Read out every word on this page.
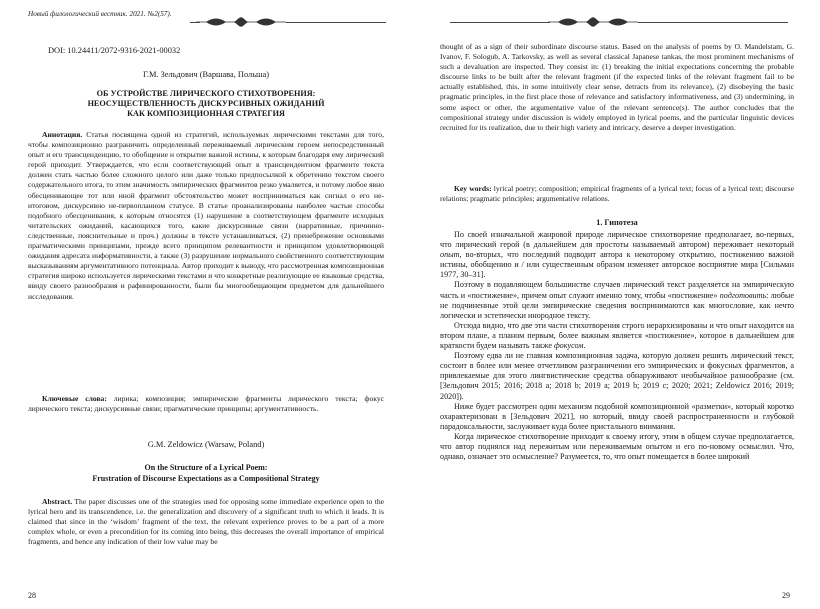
Новый филологический вестник. 2021. №2(57).
DOI: 10.24411/2072-9316-2021-00032
Г.М. Зельдович (Варшава, Польша)
ОБ УСТРОЙСТВЕ ЛИРИЧЕСКОГО СТИХОТВОРЕНИЯ:
НЕОСУЩЕСТВЛЕННОСТЬ ДИСКУРСИВНЫХ ОЖИДАНИЙ
КАК КОМПОЗИЦИОННАЯ СТРАТЕГИЯ
Аннотация. Статья посвящена одной из стратегий, используемых лирическими текстами для того, чтобы композиционно разграничить определенный переживаемый лирическим героем непосредственный опыт и его трансценденцию, то обобщение и открытие важной истины, к которым благодаря ему лирический герой приходит. Утверждается, что если соответствующий опыт в трансцендентном фрагменте текста должен стать частью более сложного целого или даже только предпосылкой к обретению текстом своего содержательного итога, то этим значимость эмпирических фрагментов резко умаляется, и потому любое явно обесценивающее тот или иной фрагмент обстоятельство может восприниматься как сигнал о его не-итоговом, дискурсивно не-первопланном статусе. В статье проанализированы наиболее частые способы подобного обесценивания, к которым относятся (1) нарушение в соответствующем фрагменте исходных читательских ожиданий, касающихся того, какие дискурсивные связи (нарративные, причинно-следственные, пояснительные и проч.) должны в тексте устанавливаться, (2) пренебрежение основными прагматическими принципами, прежде всего принципом релевантности и принципом удовлетворяющей ожидания адресата информативности, а также (3) разрушение нормального свойственного соответствующим высказываниям аргументативного потенциала. Автор приходит к выводу, что рассмотренная композиционная стратегия широко используется лирическими текстами и что конкретные реализующие ее языковые средства, ввиду своего разнообразия и рафинированности, были бы многообещающим предметом для дальнейшего исследования.
Ключевые слова: лирика; композиция; эмпирические фрагменты лирического текста; фокус лирического текста; дискурсивные связи; прагматические принципы; аргументативность.
G.M. Zeldowicz (Warsaw, Poland)
On the Structure of a Lyrical Poem:
Frustration of Discourse Expectations as a Compositional Strategy
Abstract. The paper discusses one of the strategies used for opposing some immediate experience open to the lyrical hero and its transcendence, i.e. the generalization and discovery of a significant truth to which it leads. It is claimed that since in the ‘wisdom’ fragment of the text, the relevant experience proves to be a part of a more complex whole, or even a precondition for its coming into being, this decreases the overall importance of empirical fragments, and hence any indication of their low value may be
28
thought of as a sign of their subordinate discourse status. Based on the analysis of poems by O. Mandelstam, G. Ivanov, F. Sologub, A. Tarkovsky, as well as several classical Japanese tankas, the most prominent mechanisms of such a devaluation are inspected. They consist in: (1) breaking the initial expectations concerning the probable discourse links to be built after the relevant fragment (if the expected links of the relevant fragment fail to be actually established, this, in some intuitively clear sense, detracts from its relevance), (2) disobeying the basic pragmatic principles, in the first place those of relevance and satisfactory informativeness, and (3) undermining, in some aspect or other, the argumentative value of the relevant sentence(s). The author concludes that the compositional strategy under discussion is widely employed in lyrical poems, and the particular linguistic devices recruited for its realization, due to their high variety and intricacy, deserve a deeper investigation.
Key words: lyrical poetry; composition; empirical fragments of a lyrical text; focus of a lyrical text; discourse relations; pragmatic principles; argumentative relations.
1. Гипотеза

По своей изначальной жанровой природе лирическое стихотворение предполагает, во-первых, что лирический герой (в дальнейшем для простоты называемый автором) переживает некоторый опыт, во-вторых, что последний подводит автора к некоторому открытию, постижению важной истины, обобщению и / или существенным образом изменяет авторское восприятие мира [Сильман 1977, 30–31].

Поэтому в подавляющем большинстве случаев лирический текст разделяется на эмпирическую часть и «постижение», причем опыт служит именно тому, чтобы «постижение» подготовить: любые не подчиненные этой цели эмпирические сведения воспринимаются как многословие, как нечто логически и эстетически инородное тексту.

Отсюда видно, что две эти части стихотворения строго иерархизированы и что опыт находится на втором плане, а планом первым, более важным является «постижение», которое в дальнейшем для краткости будем называть также фокусом.

Поэтому едва ли не главная композиционная задача, которую должен решить лирический текст, состоит в более или менее отчетливом разграничении его эмпирических и фокусных фрагментов, а привлекаемые для этого лингвистические средства обнаруживают необычайное разнообразие (см. [Зельдович 2015; 2016; 2018 a; 2018 b; 2019 a; 2019 b; 2019 c; 2020; 2021; Zeldowicz 2016; 2019; 2020]).

Ниже будет рассмотрен один механизм подобной композиционной «разметки», который коротко охарактеризован в [Зельдович 2021], но который, ввиду своей распространенности и глубокой парадоксальности, заслуживает куда более пристального внимания.

Когда лирическое стихотворение приходит к своему итогу, этим в общем случае предполагается, что автор поднялся над пережитым или переживаемым опытом и его по-новому осмыслил. Что, однако, означает это осмысление? Разумеется, то, что опыт помещается в более широкий

29
